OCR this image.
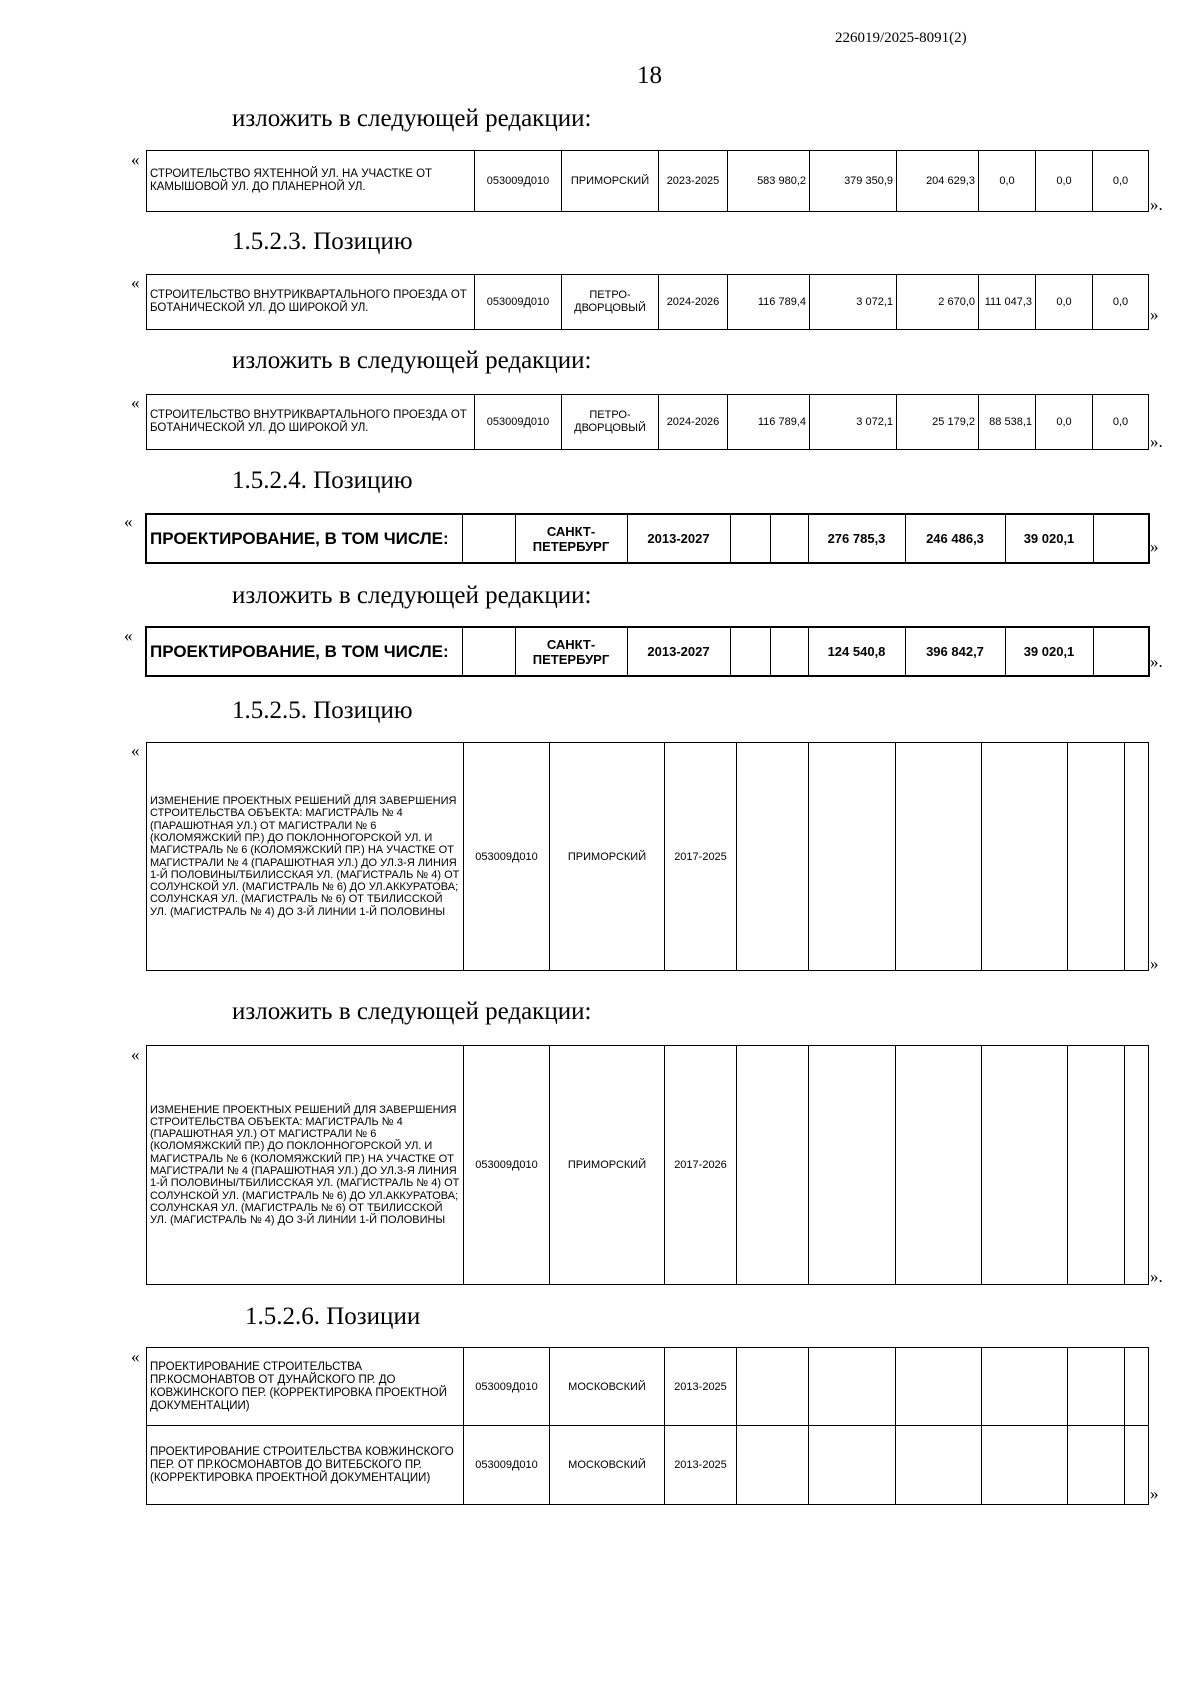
226019/2025-8091(2)
18
изложить в следующей редакции:
«
СТРОИТЕЛЬСТВО ЯХТЕННОЙ УЛ. НА УЧАСТКЕ ОТ КАМЫШОВОЙ УЛ. ДО ПЛАНЕРНОЙ УЛ.	053009Д010	ПРИМОРСКИЙ	2023-2025	583 980,2	379 350,9	204 629,3	0,0	0,0	0,0
».
1.5.2.3. Позицию
«
СТРОИТЕЛЬСТВО ВНУТРИКВАРТАЛЬНОГО ПРОЕЗДА ОТ БОТАНИЧЕСКОЙ УЛ. ДО ШИРОКОЙ УЛ.	053009Д010	ПЕТРО-ДВОРЦОВЫЙ	2024-2026	116 789,4	3 072,1	2 670,0	111 047,3	0,0	0,0
»
изложить в следующей редакции:
«
СТРОИТЕЛЬСТВО ВНУТРИКВАРТАЛЬНОГО ПРОЕЗДА ОТ БОТАНИЧЕСКОЙ УЛ. ДО ШИРОКОЙ УЛ.	053009Д010	ПЕТРО-ДВОРЦОВЫЙ	2024-2026	116 789,4	3 072,1	25 179,2	88 538,1	0,0	0,0
».
1.5.2.4. Позицию
«
ПРОЕКТИРОВАНИЕ, В ТОМ ЧИСЛЕ:		САНКТ-ПЕТЕРБУРГ	2013-2027			276 785,3	246 486,3	39 020,1		»
изложить в следующей редакции:
«
ПРОЕКТИРОВАНИЕ, В ТОМ ЧИСЛЕ:		САНКТ-ПЕТЕРБУРГ	2013-2027			124 540,8	396 842,7	39 020,1	
».
1.5.2.5. Позицию
«
ИЗМЕНЕНИЕ ПРОЕКТНЫХ РЕШЕНИЙ ДЛЯ ЗАВЕРШЕНИЯ СТРОИТЕЛЬСТВА ОБЪЕКТА: МАГИСТРАЛЬ № 4 (ПАРАШЮТНАЯ УЛ.) ОТ МАГИСТРАЛИ № 6 (КОЛОМЯЖСКИЙ ПР.) ДО ПОКЛОННОГОРСКОЙ УЛ. И МАГИСТРАЛЬ № 6 (КОЛОМЯЖСКИЙ ПР.) НА УЧАСТКЕ ОТ МАГИСТРАЛИ № 4 (ПАРАШЮТНАЯ УЛ.) ДО УЛ.3-Я ЛИНИЯ 1-Й ПОЛОВИНЫ/ТБИЛИССКАЯ УЛ. (МАГИСТРАЛЬ № 4) ОТ СОЛУНСКОЙ УЛ. (МАГИСТРАЛЬ № 6) ДО УЛ.АККУРАТОВА; СОЛУНСКАЯ УЛ. (МАГИСТРАЛЬ № 6) ОТ ТБИЛИССКОЙ УЛ. (МАГИСТРАЛЬ № 4) ДО 3-Й ЛИНИИ 1-Й ПОЛОВИНЫ	053009Д010	ПРИМОРСКИЙ	2017-2025						
»
изложить в следующей редакции:
«
ИЗМЕНЕНИЕ ПРОЕКТНЫХ РЕШЕНИЙ ДЛЯ ЗАВЕРШЕНИЯ СТРОИТЕЛЬСТВА ОБЪЕКТА: МАГИСТРАЛЬ № 4 (ПАРАШЮТНАЯ УЛ.) ОТ МАГИСТРАЛИ № 6 (КОЛОМЯЖСКИЙ ПР.) ДО ПОКЛОННОГОРСКОЙ УЛ. И МАГИСТРАЛЬ № 6 (КОЛОМЯЖСКИЙ ПР.) НА УЧАСТКЕ ОТ МАГИСТРАЛИ № 4 (ПАРАШЮТНАЯ УЛ.) ДО УЛ.3-Я ЛИНИЯ 1-Й ПОЛОВИНЫ/ТБИЛИССКАЯ УЛ. (МАГИСТРАЛЬ № 4) ОТ СОЛУНСКОЙ УЛ. (МАГИСТРАЛЬ № 6) ДО УЛ.АККУРАТОВА; СОЛУНСКАЯ УЛ. (МАГИСТРАЛЬ № 6) ОТ ТБИЛИССКОЙ УЛ. (МАГИСТРАЛЬ № 4) ДО 3-Й ЛИНИИ 1-Й ПОЛОВИНЫ	053009Д010	ПРИМОРСКИЙ	2017-2026						
».
1.5.2.6. Позиции
«
ПРОЕКТИРОВАНИЕ СТРОИТЕЛЬСТВА ПР.КОСМОНАВТОВ ОТ ДУНАЙСКОГО ПР. ДО КОВЖИНСКОГО ПЕР. (КОРРЕКТИРОВКА ПРОЕКТНОЙ ДОКУМЕНТАЦИИ)	053009Д010	МОСКОВСКИЙ	2013-2025						
ПРОЕКТИРОВАНИЕ СТРОИТЕЛЬСТВА КОВЖИНСКОГО ПЕР. ОТ ПР.КОСМОНАВТОВ ДО ВИТЕБСКОГО ПР.(КОРРЕКТИРОВКА ПРОЕКТНОЙ ДОКУМЕНТАЦИИ)	053009Д010	МОСКОВСКИЙ	2013-2025						
»
